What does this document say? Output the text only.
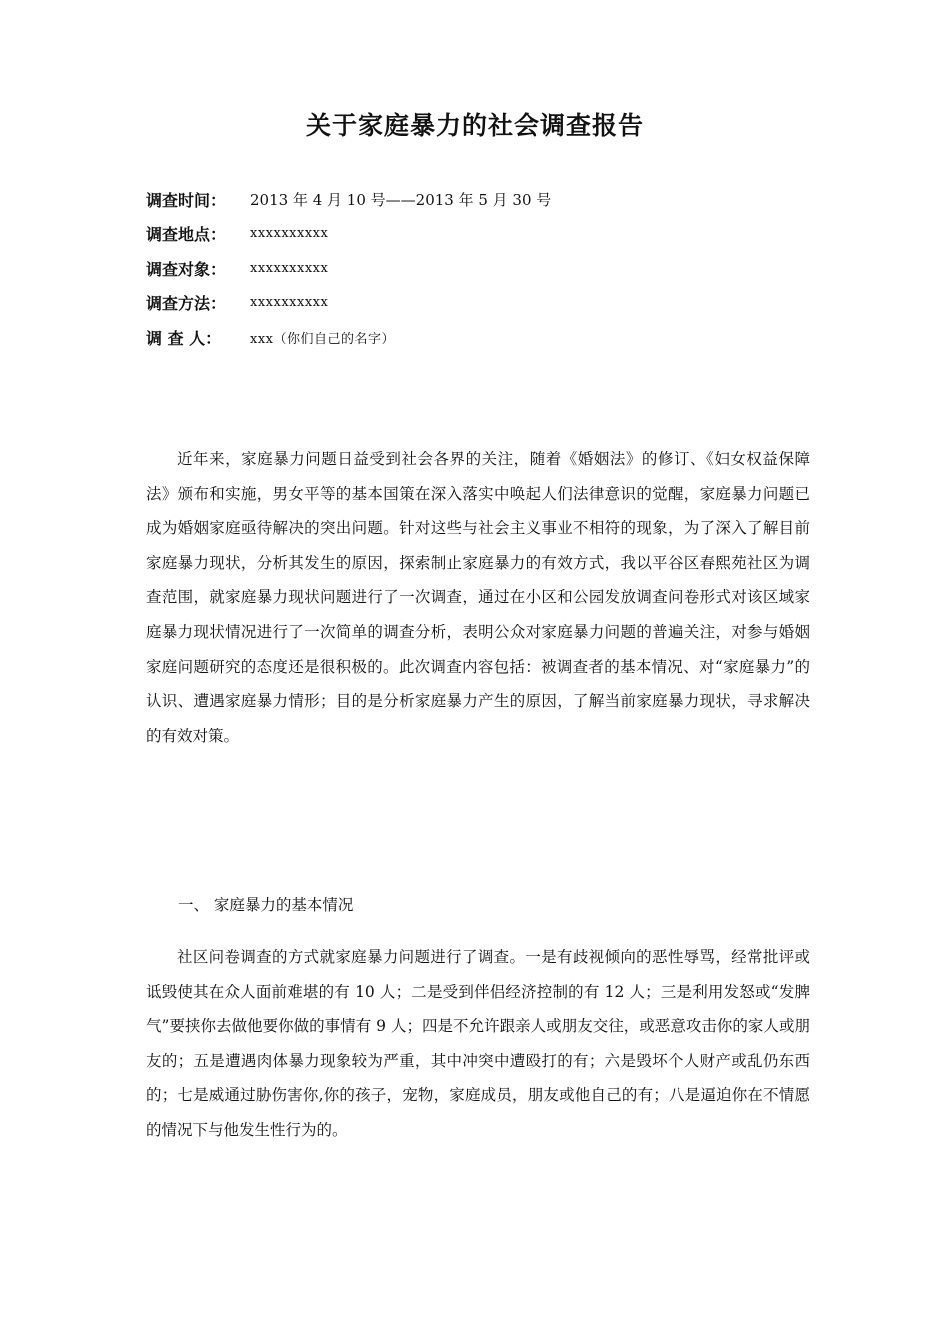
关于家庭暴力的社会调查报告
调查时间：	2013 年 4 月 10 号——2013 年 5 月 30 号
调查地点：	xxxxxxxxxx
调查对象：	xxxxxxxxxx
调查方法：	xxxxxxxxxx
调 查 人：	xxx（你们自己的名字）

近年来，家庭暴力问题日益受到社会各界的关注，随着《婚姻法》的修订、《妇女权益保障法》颁布和实施，男女平等的基本国策在深入落实中唤起人们法律意识的觉醒，家庭暴力问题已成为婚姻家庭亟待解决的突出问题。针对这些与社会主义事业不相符的现象，为了深入了解目前家庭暴力现状，分析其发生的原因，探索制止家庭暴力的有效方式，我以平谷区春熙苑社区为调查范围，就家庭暴力现状问题进行了一次调查，通过在小区和公园发放调查问卷形式对该区域家庭暴力现状情况进行了一次简单的调查分析，表明公众对家庭暴力问题的普遍关注，对参与婚姻家庭问题研究的态度还是很积极的。此次调查内容包括：被调查者的基本情况、对“家庭暴力”的认识、遭遇家庭暴力情形；目的是分析家庭暴力产生的原因，了解当前家庭暴力现状，寻求解决的有效对策。

一、 家庭暴力的基本情况

社区问卷调查的方式就家庭暴力问题进行了调查。一是有歧视倾向的恶性辱骂，经常批评或诋毁使其在众人面前难堪的有 10 人；二是受到伴侣经济控制的有 12 人；三是利用发怒或“发脾气”要挟你去做他要你做的事情有 9 人；四是不允许跟亲人或朋友交往，或恶意攻击你的家人或朋友的；五是遭遇肉体暴力现象较为严重，其中冲突中遭殴打的有；六是毁坏个人财产或乱仍东西的；七是威通过胁伤害你,你的孩子，宠物，家庭成员，朋友或他自己的有；八是逼迫你在不情愿的情况下与他发生性行为的。
